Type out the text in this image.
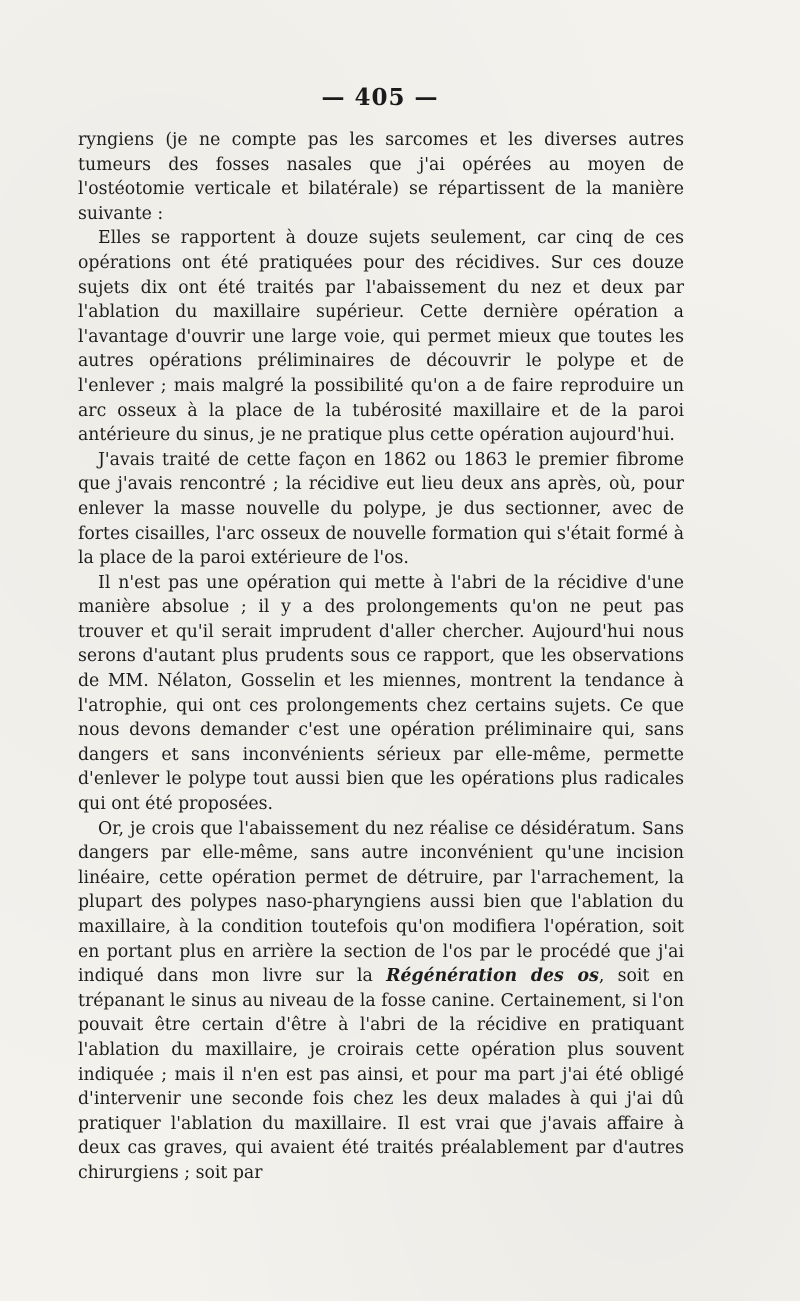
— 405 —

ryngiens (je ne compte pas les sarcomes et les diverses autres tumeurs des fosses nasales que j'ai opérées au moyen de l'ostéotomie verticale et bilatérale) se répartissent de la manière suivante :

Elles se rapportent à douze sujets seulement, car cinq de ces opérations ont été pratiquées pour des récidives. Sur ces douze sujets dix ont été traités par l'abaissement du nez et deux par l'ablation du maxillaire supérieur. Cette dernière opération a l'avantage d'ouvrir une large voie, qui permet mieux que toutes les autres opérations préliminaires de découvrir le polype et de l'enlever ; mais malgré la possibilité qu'on a de faire reproduire un arc osseux à la place de la tubérosité maxillaire et de la paroi antérieure du sinus, je ne pratique plus cette opération aujourd'hui.

J'avais traité de cette façon en 1862 ou 1863 le premier fibrome que j'avais rencontré ; la récidive eut lieu deux ans après, où, pour enlever la masse nouvelle du polype, je dus sectionner, avec de fortes cisailles, l'arc osseux de nouvelle formation qui s'était formé à la place de la paroi extérieure de l'os.

Il n'est pas une opération qui mette à l'abri de la récidive d'une manière absolue ; il y a des prolongements qu'on ne peut pas trouver et qu'il serait imprudent d'aller chercher. Aujourd'hui nous serons d'autant plus prudents sous ce rapport, que les observations de MM. Nélaton, Gosselin et les miennes, montrent la tendance à l'atrophie, qui ont ces prolongements chez certains sujets. Ce que nous devons demander c'est une opération préliminaire qui, sans dangers et sans inconvénients sérieux par elle-même, permette d'enlever le polype tout aussi bien que les opérations plus radicales qui ont été proposées.

Or, je crois que l'abaissement du nez réalise ce désidératum. Sans dangers par elle-même, sans autre inconvénient qu'une incision linéaire, cette opération permet de détruire, par l'arrachement, la plupart des polypes naso-pharyngiens aussi bien que l'ablation du maxillaire, à la condition toutefois qu'on modifiera l'opération, soit en portant plus en arrière la section de l'os par le procédé que j'ai indiqué dans mon livre sur la Régénération des os, soit en trépanant le sinus au niveau de la fosse canine. Certainement, si l'on pouvait être certain d'être à l'abri de la récidive en pratiquant l'ablation du maxillaire, je croirais cette opération plus souvent indiquée ; mais il n'en est pas ainsi, et pour ma part j'ai été obligé d'intervenir une seconde fois chez les deux malades à qui j'ai dû pratiquer l'ablation du maxillaire. Il est vrai que j'avais affaire à deux cas graves, qui avaient été traités préalablement par d'autres chirurgiens ; soit par
